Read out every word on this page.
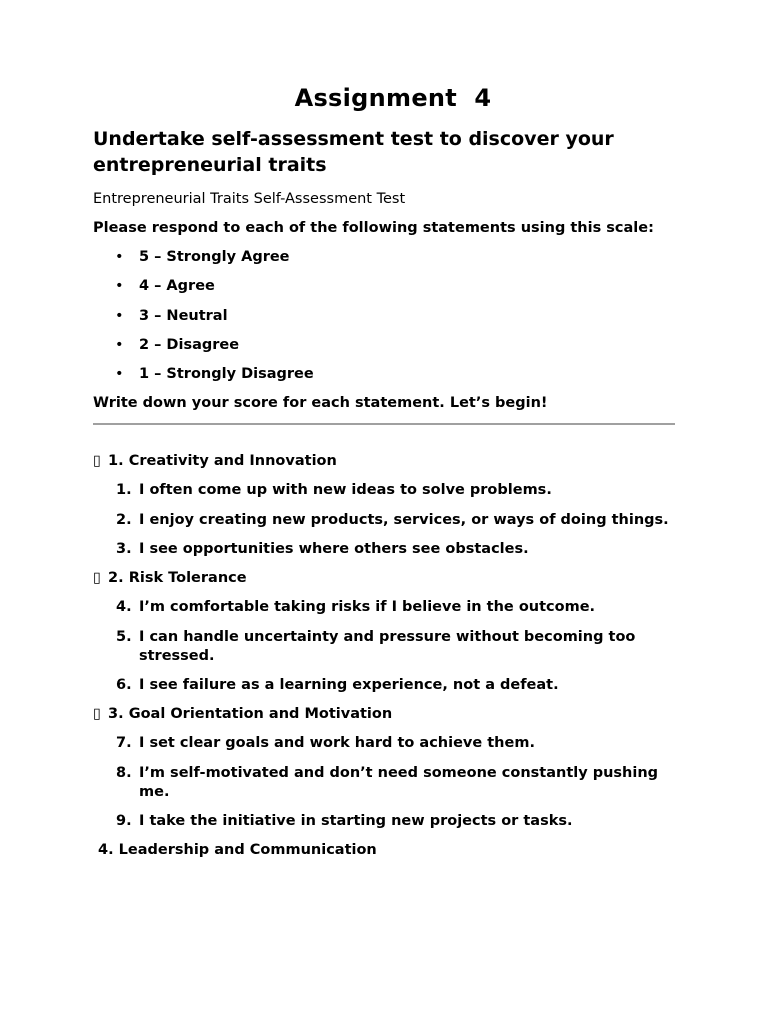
Assignment  4
Undertake self-assessment test to discover your entrepreneurial traits
Entrepreneurial Traits Self-Assessment Test
Please respond to each of the following statements using this scale:
• 5 – Strongly Agree
• 4 – Agree
• 3 – Neutral
• 2 – Disagree
• 1 – Strongly Disagree
Write down your score for each statement. Let’s begin!
▯ 1. Creativity and Innovation
1. I often come up with new ideas to solve problems.
2. I enjoy creating new products, services, or ways of doing things.
3. I see opportunities where others see obstacles.
▯ 2. Risk Tolerance
4. I’m comfortable taking risks if I believe in the outcome.
5. I can handle uncertainty and pressure without becoming too stressed.
6. I see failure as a learning experience, not a defeat.
▯ 3. Goal Orientation and Motivation
7. I set clear goals and work hard to achieve them.
8. I’m self-motivated and don’t need someone constantly pushing me.
9. I take the initiative in starting new projects or tasks.
4. Leadership and Communication
